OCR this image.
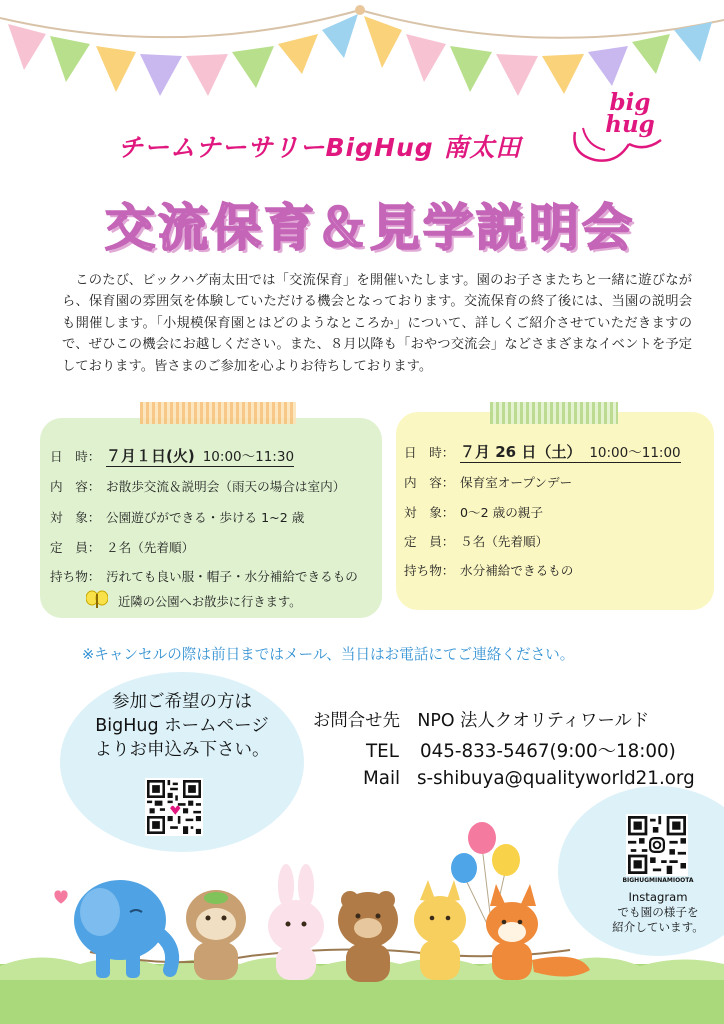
チームナーサリーBigHug 南太田
big
hug
交流保育＆見学説明会

このたび、ビックハグ南太田では「交流保育」を開催いたします。園のお子さまたちと一緒に遊びながら、保育園の雰囲気を体験していただける機会となっております。交流保育の終了後には、当園の説明会も開催します。「小規模保育園とはどのようなところか」について、詳しくご紹介させていただきますので、ぜひこの機会にお越しください。また、８月以降も「おやつ交流会」などさまざまなイベントを予定しております。皆さまのご参加を心よりお待ちしております。

日　時： ７月１日(火) 10:00～11:30
内　容： お散歩交流＆説明会（雨天の場合は室内）
対　象： 公園遊びができる・歩ける 1~2 歳
定　員： ２名（先着順）
持ち物： 汚れても良い服・帽子・水分補給できるもの
近隣の公園へお散歩に行きます。
日　時： ７月 26 日（土） 10:00～11:00
内　容： 保育室オープンデー
対　象： 0～2 歳の親子
定　員： ５名（先着順）
持ち物： 水分補給できるもの
※キャンセルの際は前日まではメール、当日はお電話にてご連絡ください。
参加ご希望の方は
BigHug ホームページ
よりお申込み下さい。
お問合せ先　NPO 法人クオリティワールド
TEL 045-833-5467(9:00～18:00)
Mail s-shibuya@qualityworld21.org
BIGHUGMINAMIOOTA
Instagram
でも園の様子を
紹介しています。
